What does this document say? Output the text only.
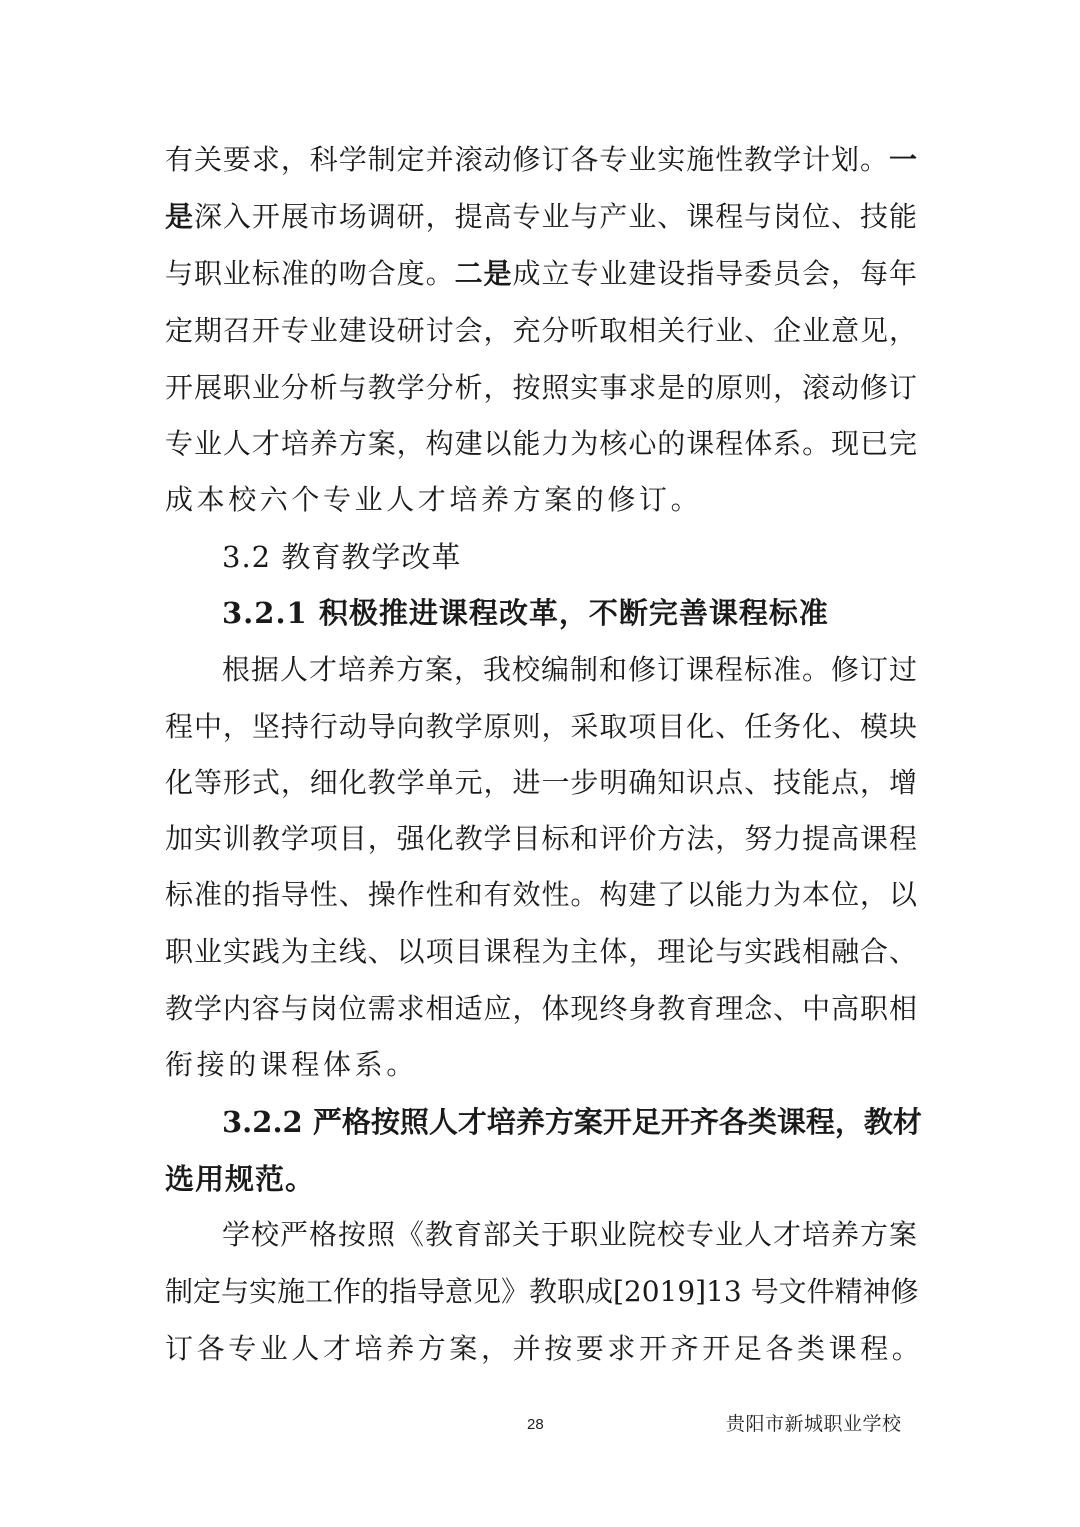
有关要求，科学制定并滚动修订各专业实施性教学计划。一
是深入开展市场调研，提高专业与产业、课程与岗位、技能
与职业标准的吻合度。二是成立专业建设指导委员会，每年
定期召开专业建设研讨会，充分听取相关行业、企业意见，
开展职业分析与教学分析，按照实事求是的原则，滚动修订
专业人才培养方案，构建以能力为核心的课程体系。现已完
成本校六个专业人才培养方案的修订。
3.2 教育教学改革
3.2.1 积极推进课程改革，不断完善课程标准
根据人才培养方案，我校编制和修订课程标准。修订过
程中，坚持行动导向教学原则，采取项目化、任务化、模块
化等形式，细化教学单元，进一步明确知识点、技能点，增
加实训教学项目，强化教学目标和评价方法，努力提高课程
标准的指导性、操作性和有效性。构建了以能力为本位，以
职业实践为主线、以项目课程为主体，理论与实践相融合、
教学内容与岗位需求相适应，体现终身教育理念、中高职相
衔接的课程体系。
3.2.2 严格按照人才培养方案开足开齐各类课程，教材
选用规范。
学校严格按照《教育部关于职业院校专业人才培养方案
制定与实施工作的指导意见》教职成[2019]13 号文件精神修
订各专业人才培养方案，并按要求开齐开足各类课程。
28	贵阳市新城职业学校
